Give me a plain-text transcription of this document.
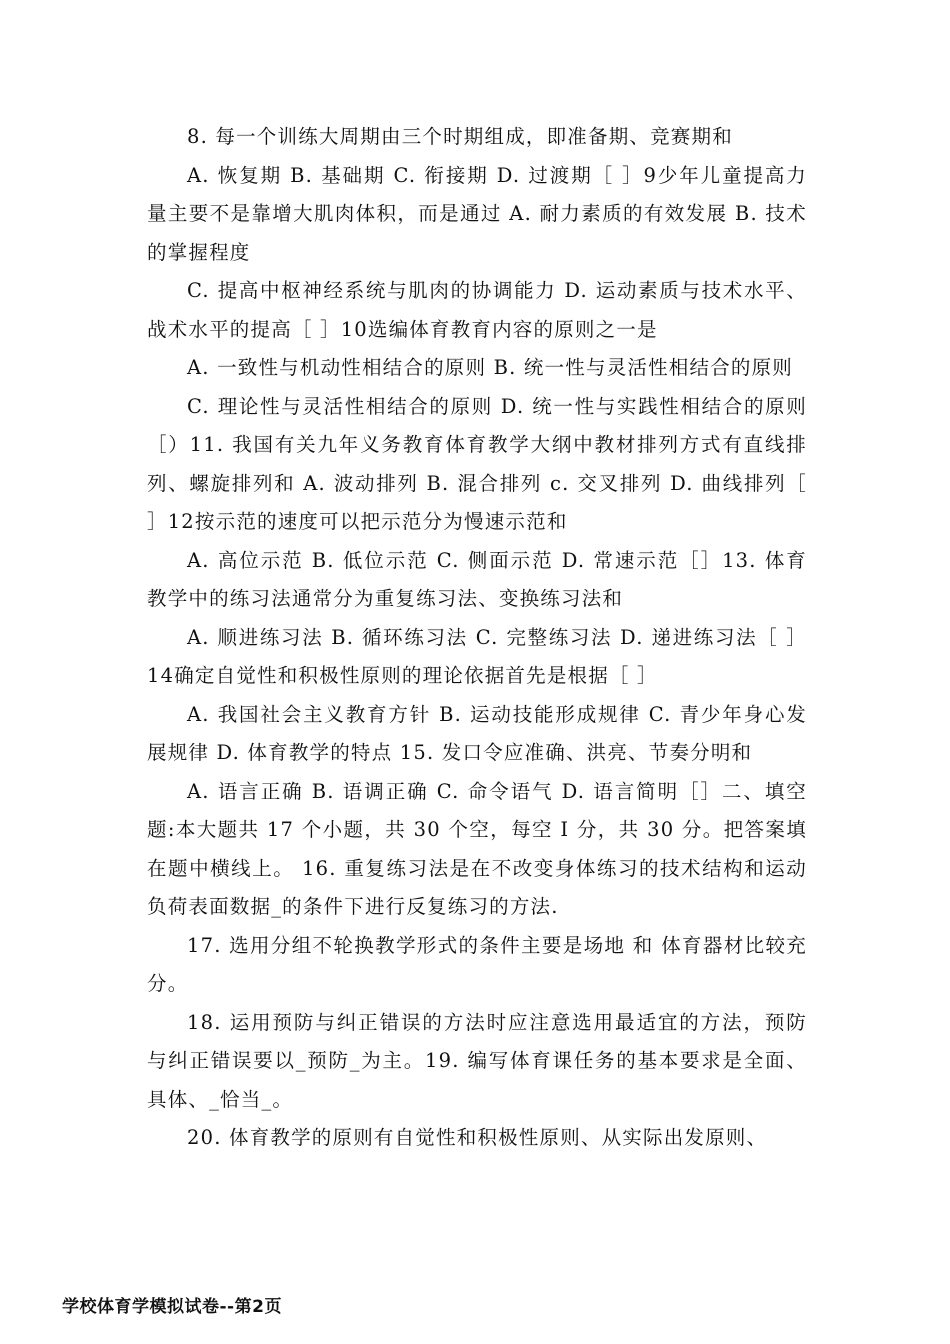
8. 每一个训练大周期由三个时期组成，即准备期、竞赛期和

A. 恢复期 B. 基础期 C. 衔接期 D. 过渡期［ ］9少年儿童提高力量主要不是靠增大肌肉体积，而是通过 A. 耐力素质的有效发展 B. 技术的掌握程度

C. 提高中枢神经系统与肌肉的协调能力 D. 运动素质与技术水平、战术水平的提高［ ］10选编体育教育内容的原则之一是

A. 一致性与机动性相结合的原则 B. 统一性与灵活性相结合的原则

C. 理论性与灵活性相结合的原则 D. 统一性与实践性相结合的原则［）11. 我国有关九年义务教育体育教学大纲中教材排列方式有直线排列、螺旋排列和 A. 波动排列 B. 混合排列 c. 交叉排列 D. 曲线排列［ ］12按示范的速度可以把示范分为慢速示范和

A. 高位示范 B. 低位示范 C. 侧面示范 D. 常速示范［］13. 体育教学中的练习法通常分为重复练习法、变换练习法和

A. 顺进练习法 B. 循环练习法 C. 完整练习法 D. 递进练习法［ ］14确定自觉性和积极性原则的理论依据首先是根据［ ］

A. 我国社会主义教育方针 B. 运动技能形成规律 C. 青少年身心发展规律 D. 体育教学的特点 15. 发口令应准确、洪亮、节奏分明和

A. 语言正确 B. 语调正确 C. 命令语气 D. 语言简明［］二、填空题:本大题共 17 个小题，共 30 个空，每空 I 分，共 30 分。把答案填在题中横线上。 16. 重复练习法是在不改变身体练习的技术结构和运动负荷表面数据_的条件下进行反复练习的方法.

17. 选用分组不轮换教学形式的条件主要是场地 和 体育器材比较充分。

18. 运用预防与纠正错误的方法时应注意选用最适宜的方法，预防与纠正错误要以_预防_为主。19. 编写体育课任务的基本要求是全面、具体、_恰当_。

20. 体育教学的原则有自觉性和积极性原则、从实际出发原则、

学校体育学模拟试卷--第2页
